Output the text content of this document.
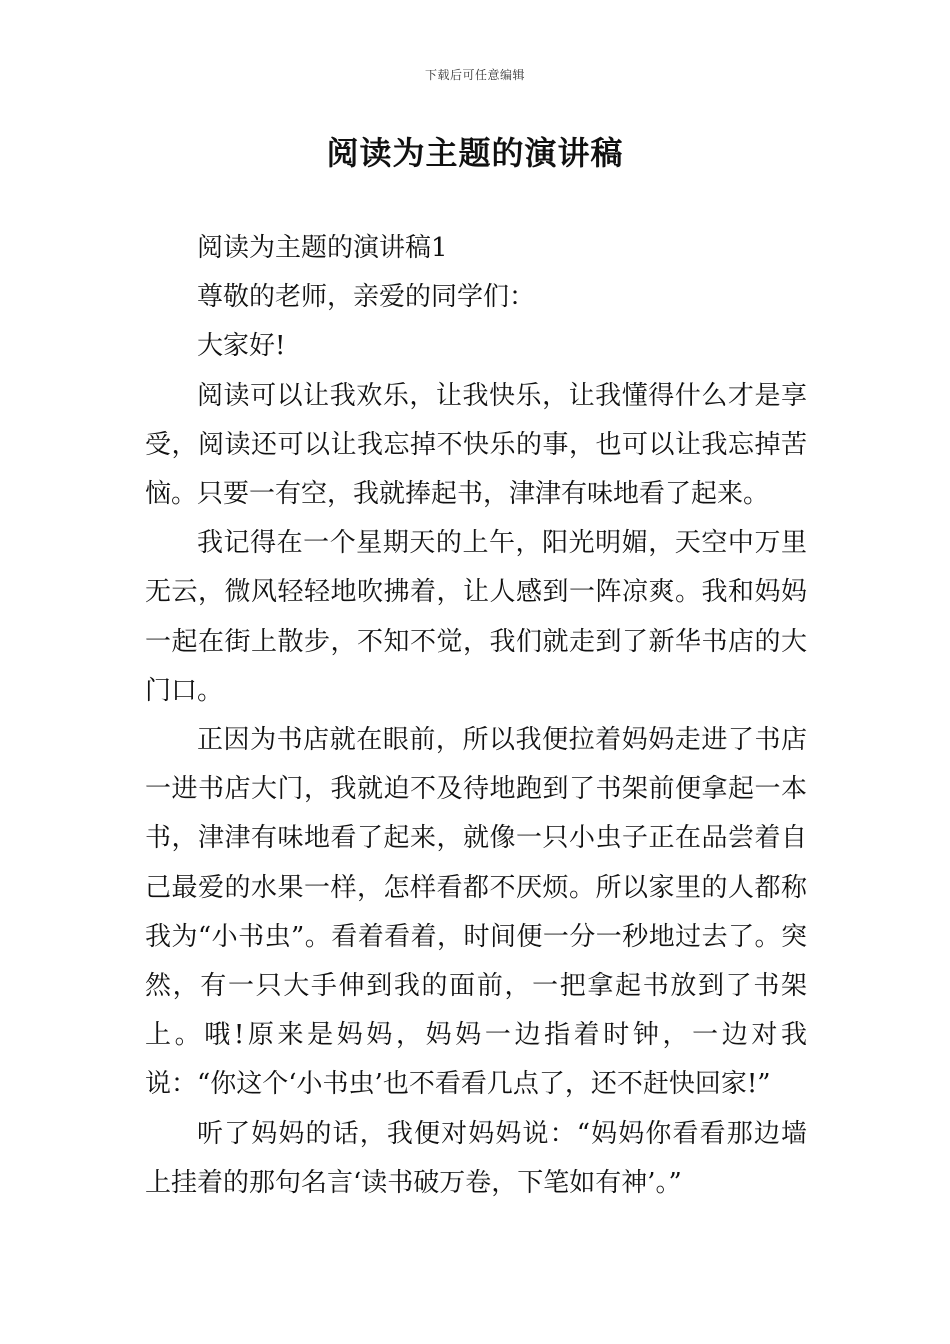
下载后可任意编辑
阅读为主题的演讲稿

阅读为主题的演讲稿1

尊敬的老师，亲爱的同学们：

大家好!

阅读可以让我欢乐，让我快乐，让我懂得什么才是享受，阅读还可以让我忘掉不快乐的事，也可以让我忘掉苦恼。只要一有空，我就捧起书，津津有味地看了起来。

我记得在一个星期天的上午，阳光明媚，天空中万里无云，微风轻轻地吹拂着，让人感到一阵凉爽。我和妈妈一起在街上散步，不知不觉，我们就走到了新华书店的大门口。

正因为书店就在眼前，所以我便拉着妈妈走进了书店一进书店大门，我就迫不及待地跑到了书架前便拿起一本书，津津有味地看了起来，就像一只小虫子正在品尝着自己最爱的水果一样，怎样看都不厌烦。所以家里的人都称我为“小书虫”。看着看着，时间便一分一秒地过去了。突然，有一只大手伸到我的面前，一把拿起书放到了书架上。哦!原来是妈妈，妈妈一边指着时钟，一边对我说：“你这个‘小书虫’也不看看几点了，还不赶快回家!”

听了妈妈的话，我便对妈妈说：“妈妈你看看那边墙上挂着的那句名言‘读书破万卷，下笔如有神’。”
